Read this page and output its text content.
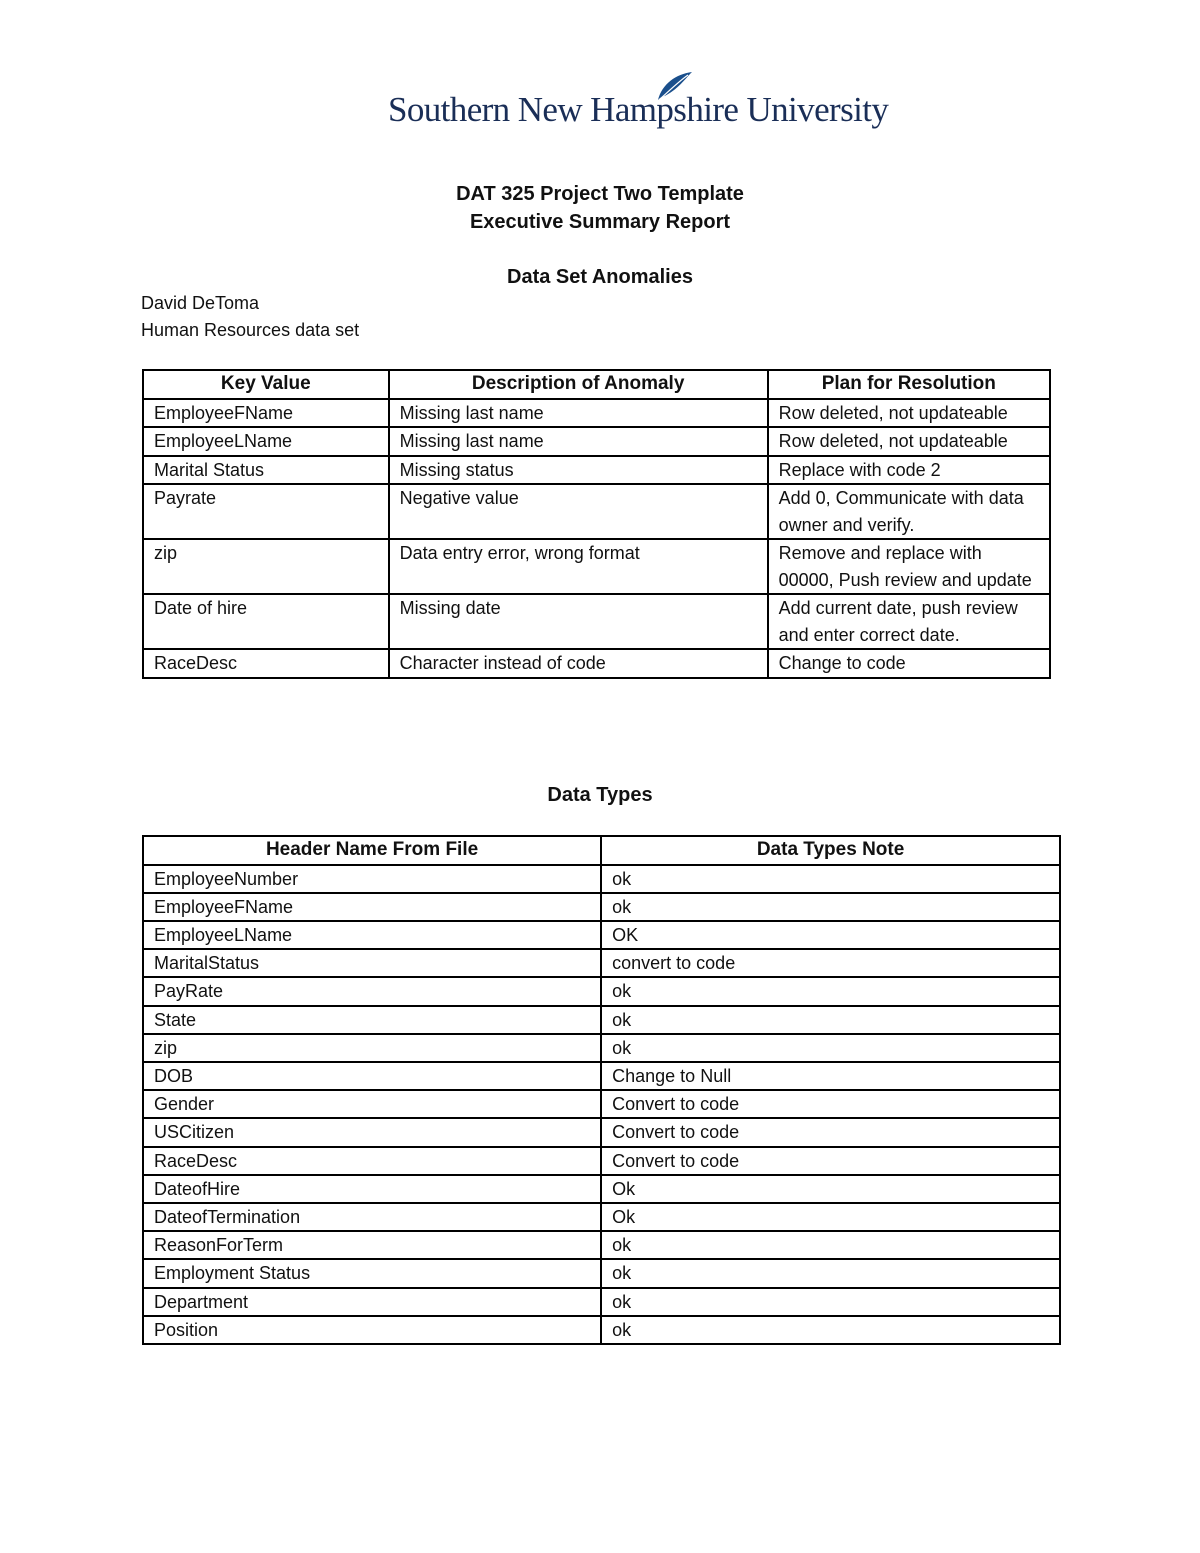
Southern New Hampshire University
DAT 325 Project Two Template
Executive Summary Report
Data Set Anomalies
David DeToma
Human Resources data set
Key Value	Description of Anomaly	Plan for Resolution
EmployeeFName	Missing last name	Row deleted, not updateable
EmployeeLName	Missing last name	Row deleted, not updateable
Marital Status	Missing status	Replace with code 2
Payrate	Negative value	Add 0, Communicate with data owner and verify.
zip	Data entry error, wrong format	Remove and replace with 00000, Push review and update
Date of hire	Missing date	Add current date, push review and enter correct date.
RaceDesc	Character instead of code	Change to code
Data Types
Header Name From File	Data Types Note
EmployeeNumber	ok
EmployeeFName	ok
EmployeeLName	OK
MaritalStatus	convert to code
PayRate	ok
State	ok
zip	ok
DOB	Change to Null
Gender	Convert to code
USCitizen	Convert to code
RaceDesc	Convert to code
DateofHire	Ok
DateofTermination	Ok
ReasonForTerm	ok
Employment Status	ok
Department	ok
Position	ok
